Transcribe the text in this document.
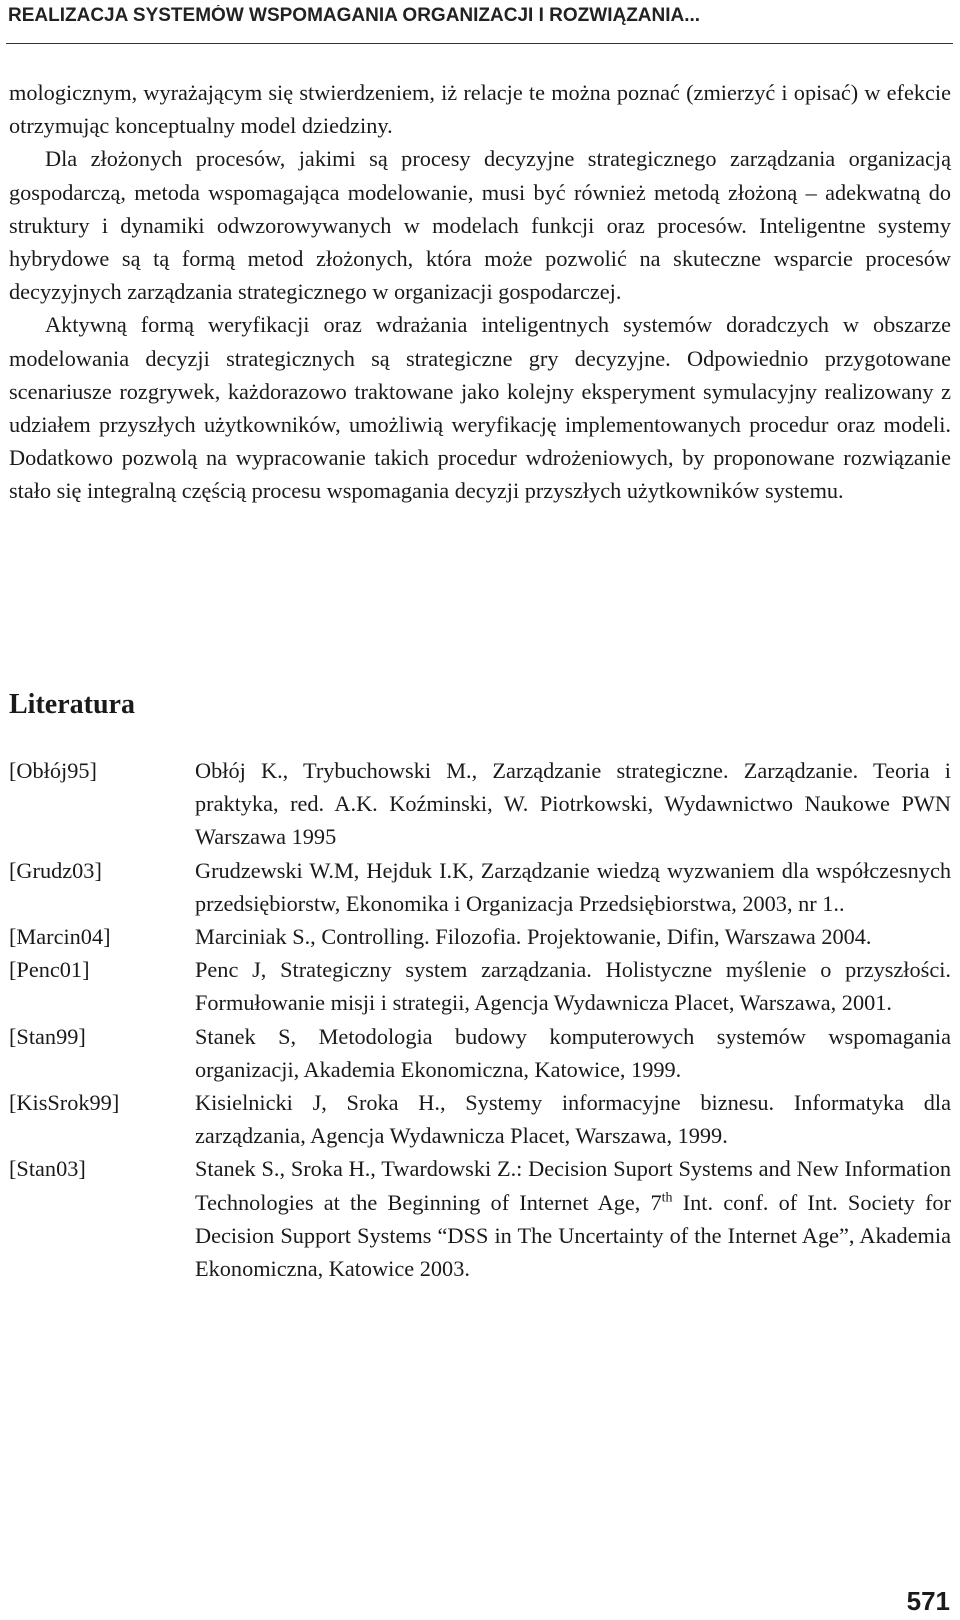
REALIZACJA SYSTEMÓW WSPOMAGANIA ORGANIZACJI I ROZWIĄZANIA...

mologicznym, wyrażającym się stwierdzeniem, iż relacje te można poznać (zmierzyć i opisać) w efekcie otrzymując konceptualny model dziedziny.

Dla złożonych procesów, jakimi są procesy decyzyjne strategicznego zarządzania organizacją gospodarczą, metoda wspomagająca modelowanie, musi być również metodą złożoną – adekwatną do struktury i dynamiki odwzorowywanych w modelach funkcji oraz procesów. Inteligentne systemy hybrydowe są tą formą metod złożonych, która może pozwolić na skuteczne wsparcie procesów decyzyjnych zarządzania strategicznego w organizacji gospodarczej.

Aktywną formą weryfikacji oraz wdrażania inteligentnych systemów doradczych w obszarze modelowania decyzji strategicznych są strategiczne gry decyzyjne. Odpowiednio przygotowane scenariusze rozgrywek, każdorazowo traktowane jako kolejny eksperyment symulacyjny realizowany z udziałem przyszłych użytkowników, umożliwią weryfikację implementowanych procedur oraz modeli. Dodatkowo pozwolą na wypracowanie takich procedur wdrożeniowych, by proponowane rozwiązanie stało się integralną częścią procesu wspomagania decyzji przyszłych użytkowników systemu.

Literatura
[Obłój95]	Obłój K., Trybuchowski M., Zarządzanie strategiczne. Zarządzanie. Teoria i praktyka, red. A.K. Koźminski, W. Piotrkowski, Wydawnictwo Naukowe PWN Warszawa 1995
[Grudz03]	Grudzewski W.M, Hejduk I.K, Zarządzanie wiedzą wyzwaniem dla współczesnych przedsiębiorstw, Ekonomika i Organizacja Przedsiębiorstwa, 2003, nr 1..
[Marcin04]	Marciniak S., Controlling. Filozofia. Projektowanie, Difin, Warszawa 2004.
[Penc01]	Penc J, Strategiczny system zarządzania. Holistyczne myślenie o przyszłości. Formułowanie misji i strategii, Agencja Wydawnicza Placet, Warszawa, 2001.
[Stan99]	Stanek S, Metodologia budowy komputerowych systemów wspomagania organizacji, Akademia Ekonomiczna, Katowice, 1999.
[KisSrok99]	Kisielnicki J, Sroka H., Systemy informacyjne biznesu. Informatyka dla zarządzania, Agencja Wydawnicza Placet, Warszawa, 1999.
[Stan03]	Stanek S., Sroka H., Twardowski Z.: Decision Suport Systems and New Information Technologies at the Beginning of Internet Age, 7th Int. conf. of Int. Society for Decision Support Systems “DSS in The Uncertainty of the Internet Age”, Akademia Ekonomiczna, Katowice 2003.
571
